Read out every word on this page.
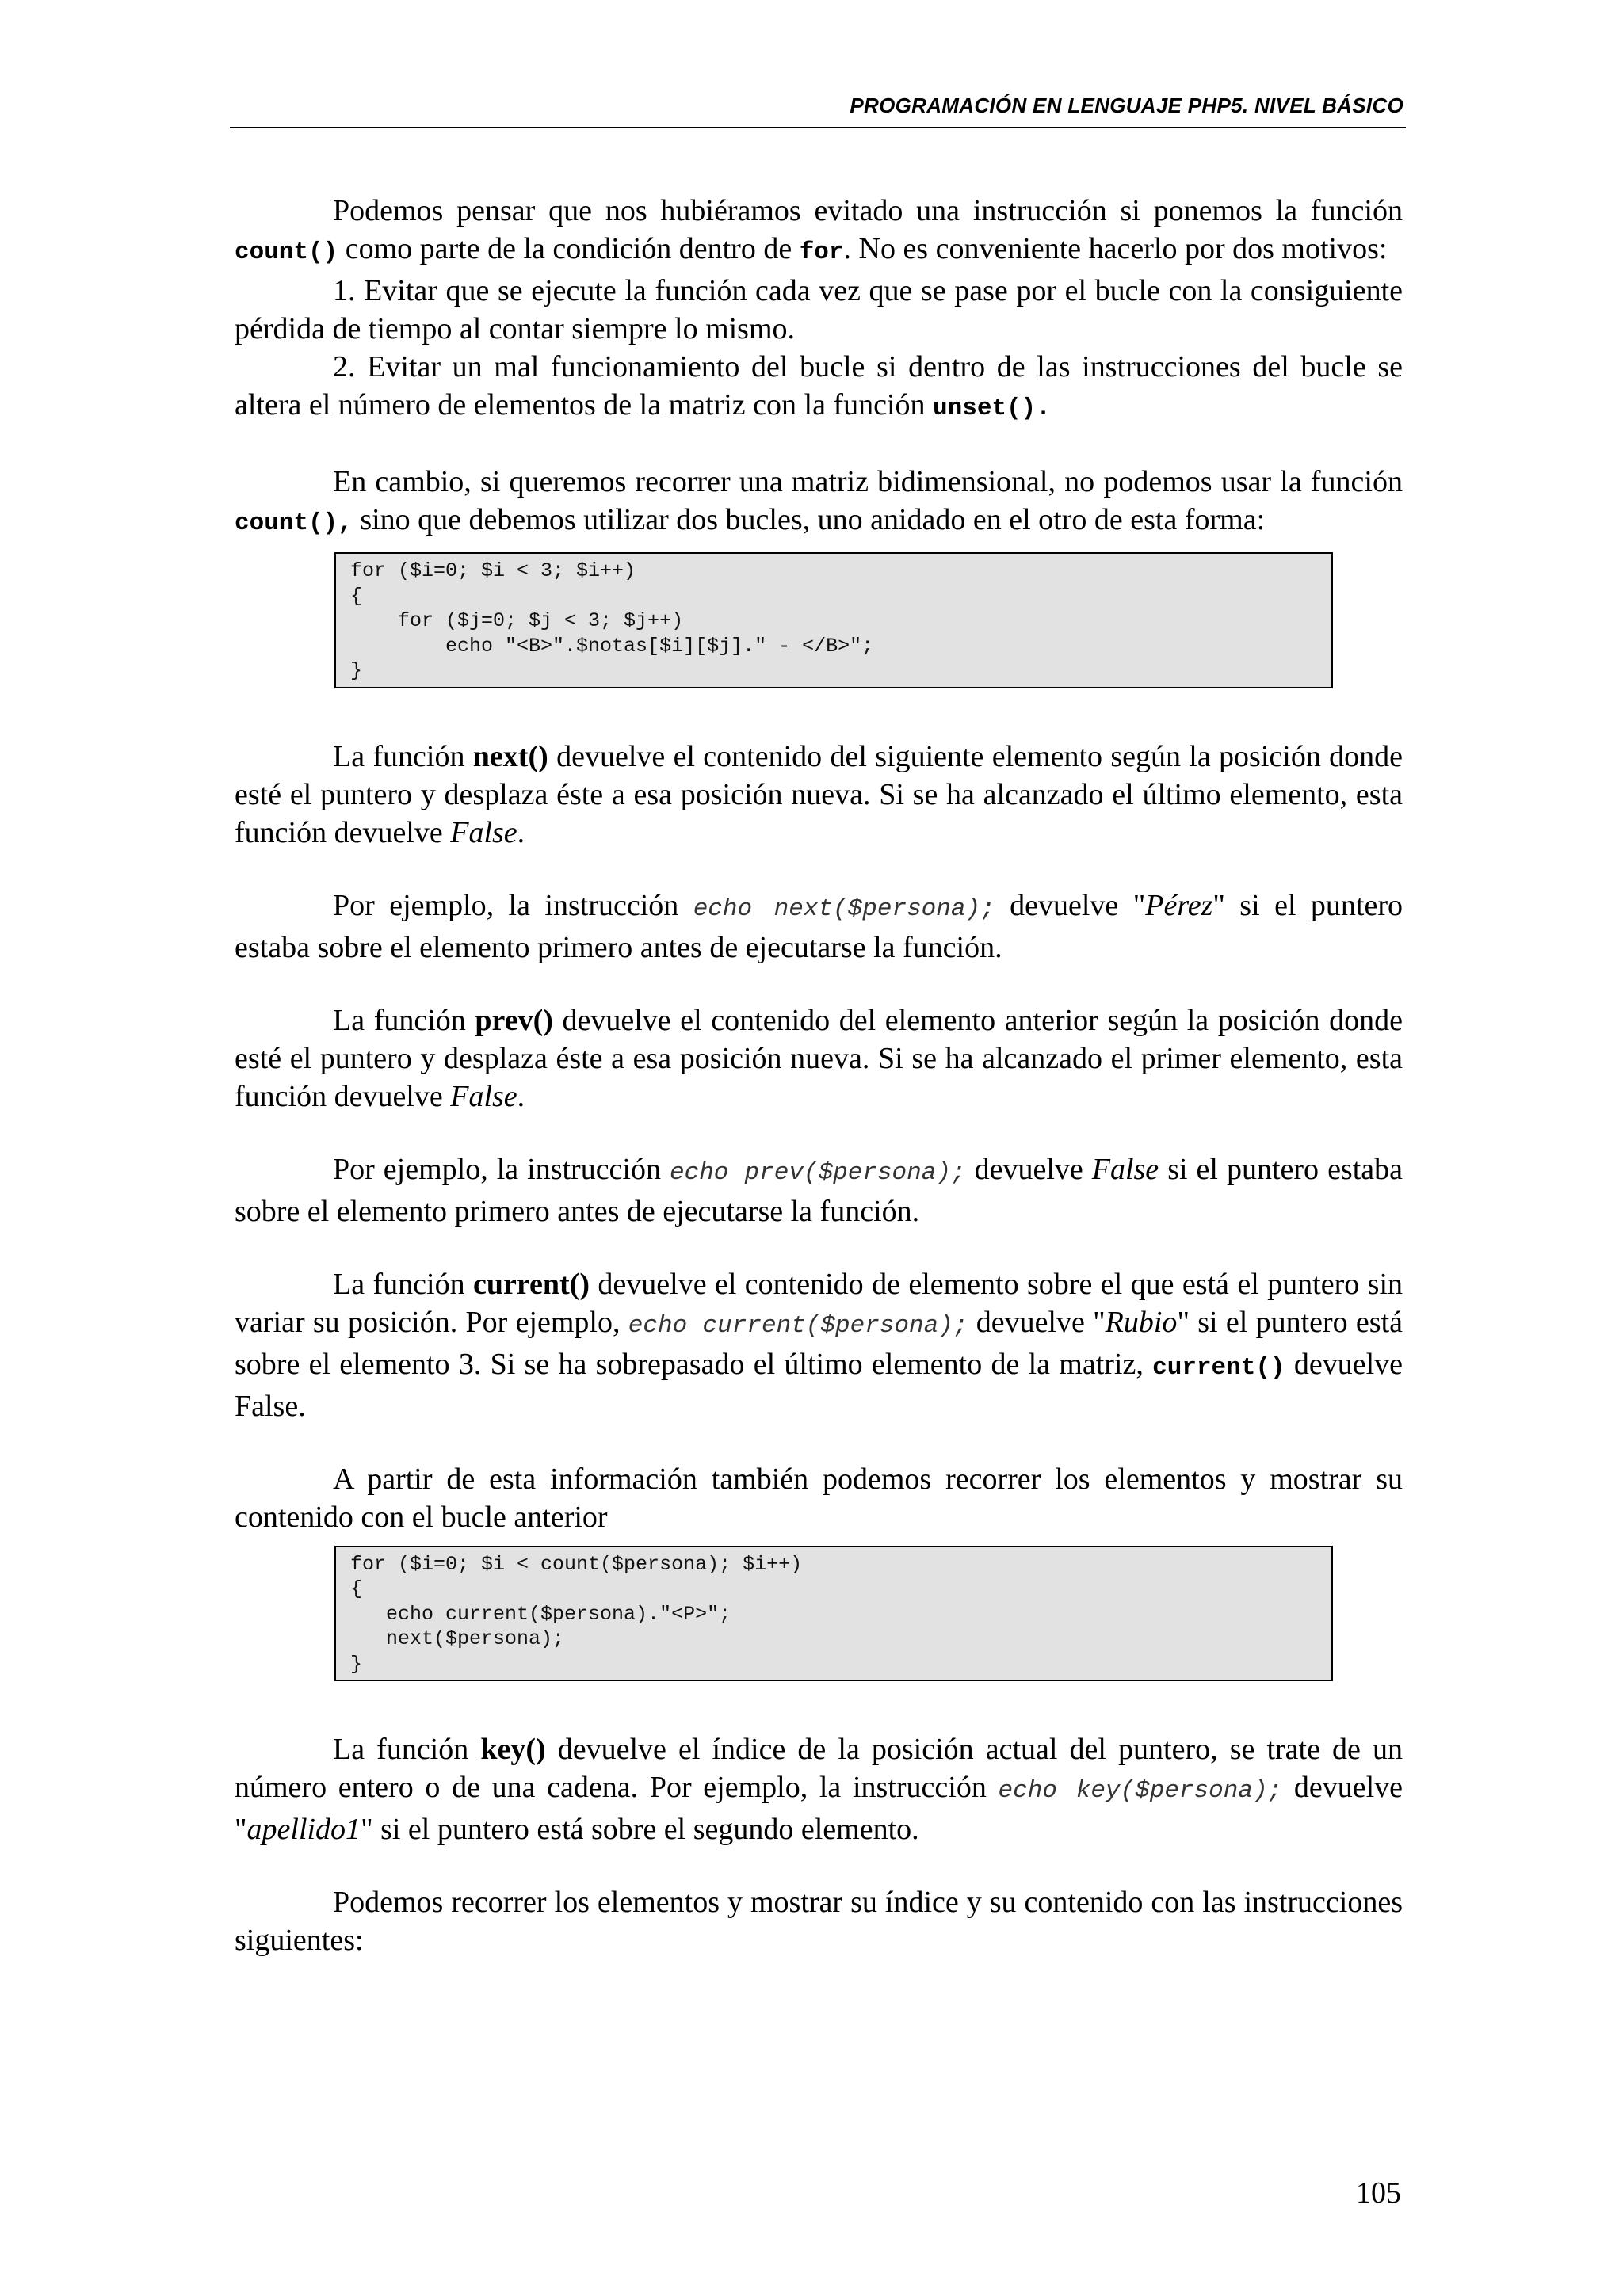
PROGRAMACIÓN EN LENGUAJE PHP5. NIVEL BÁSICO

Podemos pensar que nos hubiéramos evitado una instrucción si ponemos la función count() como parte de la condición dentro de for. No es conveniente hacerlo por dos motivos:

1. Evitar que se ejecute la función cada vez que se pase por el bucle con la consiguiente pérdida de tiempo al contar siempre lo mismo.

2. Evitar un mal funcionamiento del bucle si dentro de las instrucciones del bucle se altera el número de elementos de la matriz con la función unset().

En cambio, si queremos recorrer una matriz bidimensional, no podemos usar la función count(), sino que debemos utilizar dos bucles, uno anidado en el otro de esta forma:

for ($i=0; $i < 3; $i++)
{
for ($j=0; $j < 3; $j++)
echo "<B>".$notas[$i][$j]." - </B>";
}

La función next() devuelve el contenido del siguiente elemento según la posición donde esté el puntero y desplaza éste a esa posición nueva. Si se ha alcanzado el último elemento, esta función devuelve False.

Por ejemplo, la instrucción echo next($persona); devuelve "Pérez" si el puntero estaba sobre el elemento primero antes de ejecutarse la función.

La función prev() devuelve el contenido del elemento anterior según la posición donde esté el puntero y desplaza éste a esa posición nueva. Si se ha alcanzado el primer elemento, esta función devuelve False.

Por ejemplo, la instrucción echo prev($persona); devuelve False si el puntero estaba sobre el elemento primero antes de ejecutarse la función.

La función current() devuelve el contenido de elemento sobre el que está el puntero sin variar su posición. Por ejemplo, echo current($persona); devuelve "Rubio" si el puntero está sobre el elemento 3. Si se ha sobrepasado el último elemento de la matriz, current() devuelve False.

A partir de esta información también podemos recorrer los elementos y mostrar su contenido con el bucle anterior

for ($i=0; $i < count($persona); $i++)
{
echo current($persona)."<P>";
next($persona);
}

La función key() devuelve el índice de la posición actual del puntero, se trate de un número entero o de una cadena. Por ejemplo, la instrucción echo key($persona); devuelve "apellido1" si el puntero está sobre el segundo elemento.

Podemos recorrer los elementos y mostrar su índice y su contenido con las instrucciones siguientes:

105
